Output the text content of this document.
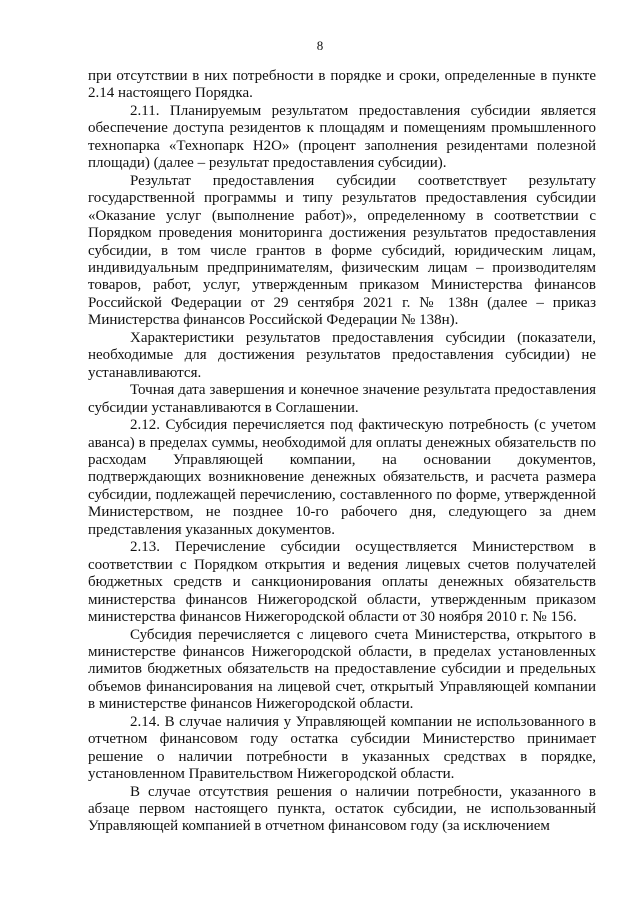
8

при отсутствии в них потребности в порядке и сроки, определенные в пункте 2.14 настоящего Порядка.

2.11. Планируемым результатом предоставления субсидии является обеспечение доступа резидентов к площадям и помещениям промышленного технопарка «Технопарк Н2О» (процент заполнения резидентами полезной площади) (далее – результат предоставления субсидии).

Результат предоставления субсидии соответствует результату государственной программы и типу результатов предоставления субсидии «Оказание услуг (выполнение работ)», определенному в соответствии с Порядком проведения мониторинга достижения результатов предоставления субсидии, в том числе грантов в форме субсидий, юридическим лицам, индивидуальным предпринимателям, физическим лицам – производителям товаров, работ, услуг, утвержденным приказом Министерства финансов Российской Федерации от 29 сентября 2021 г. № 138н (далее – приказ Министерства финансов Российской Федерации № 138н).

Характеристики результатов предоставления субсидии (показатели, необходимые для достижения результатов предоставления субсидии) не устанавливаются.

Точная дата завершения и конечное значение результата предоставления субсидии устанавливаются в Соглашении.

2.12. Субсидия перечисляется под фактическую потребность (с учетом аванса) в пределах суммы, необходимой для оплаты денежных обязательств по расходам Управляющей компании, на основании документов, подтверждающих возникновение денежных обязательств, и расчета размера субсидии, подлежащей перечислению, составленного по форме, утвержденной Министерством, не позднее 10-го рабочего дня, следующего за днем представления указанных документов.

2.13. Перечисление субсидии осуществляется Министерством в соответствии с Порядком открытия и ведения лицевых счетов получателей бюджетных средств и санкционирования оплаты денежных обязательств министерства финансов Нижегородской области, утвержденным приказом министерства финансов Нижегородской области от 30 ноября 2010 г. № 156.

Субсидия перечисляется с лицевого счета Министерства, открытого в министерстве финансов Нижегородской области, в пределах установленных лимитов бюджетных обязательств на предоставление субсидии и предельных объемов финансирования на лицевой счет, открытый Управляющей компании в министерстве финансов Нижегородской области.

2.14. В случае наличия у Управляющей компании не использованного в отчетном финансовом году остатка субсидии Министерство принимает решение о наличии потребности в указанных средствах в порядке, установленном Правительством Нижегородской области.

В случае отсутствия решения о наличии потребности, указанного в абзаце первом настоящего пункта, остаток субсидии, не использованный Управляющей компанией в отчетном финансовом году (за исключением
